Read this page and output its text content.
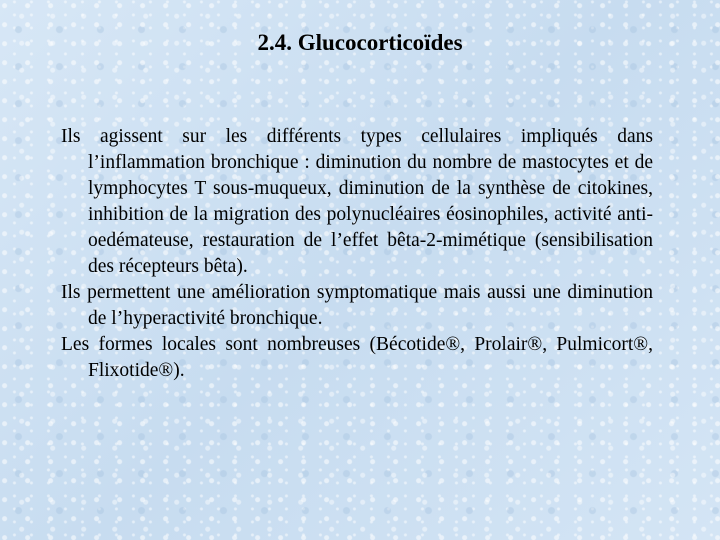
2.4. Glucocorticoïdes

Ils agissent sur les différents types cellulaires impliqués dans l’inflammation bronchique : diminution du nombre de mastocytes et de lymphocytes T sous-muqueux, diminution de la synthèse de citokines, inhibition de la migration des polynucléaires éosinophiles, activité anti-oedémateuse, restauration de l’effet bêta-2-mimétique (sensibilisation des récepteurs bêta).

Ils permettent une amélioration symptomatique mais aussi une diminution de l’hyperactivité bronchique.

Les formes locales sont nombreuses (Bécotide®, Prolair®, Pulmicort®, Flixotide®).
